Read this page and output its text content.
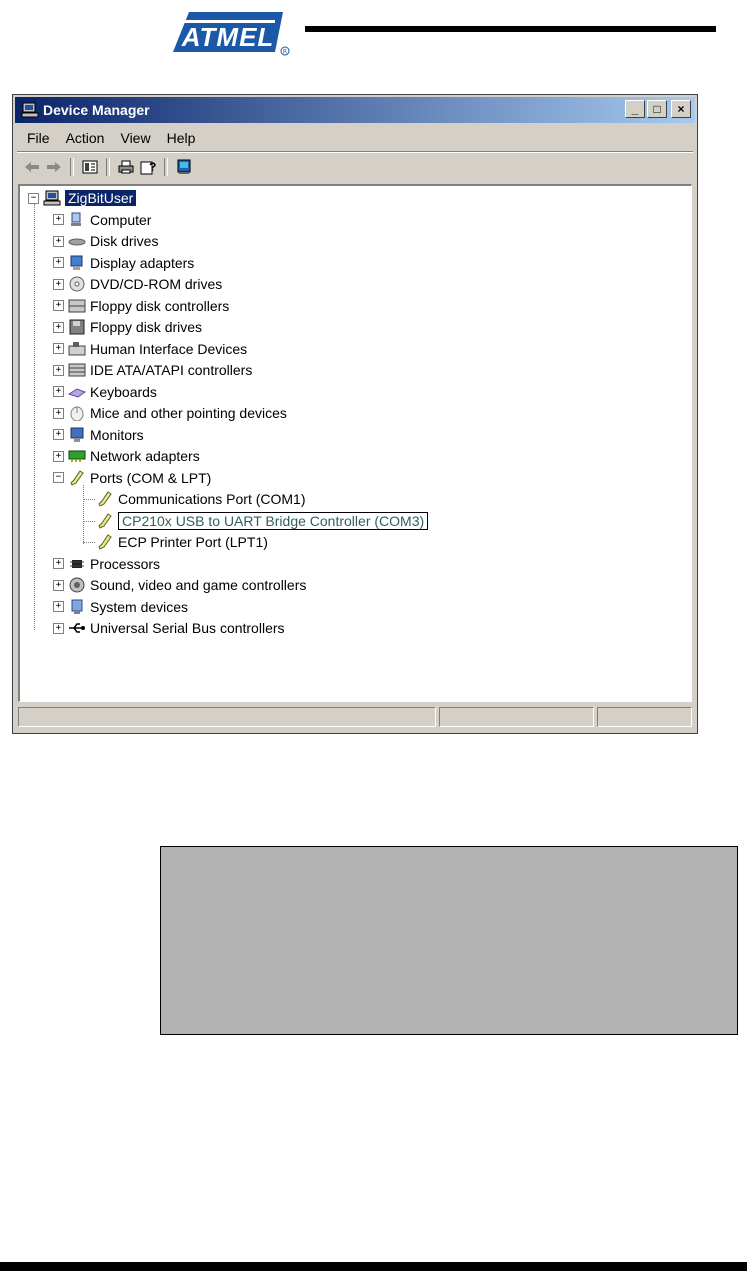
ATMEL R
Device Manager	_ □ ×
File	Action	View	Help
?
− ZigBitUser
+ Computer
+ Disk drives
+ Display adapters
+ DVD/CD-ROM drives
+ Floppy disk controllers
+ Floppy disk drives
+ Human Interface Devices
+ IDE ATA/ATAPI controllers
+ Keyboards
+ Mice and other pointing devices
+ Monitors
+ Network adapters
− Ports (COM & LPT)
Communications Port (COM1)
CP210x USB to UART Bridge Controller (COM3)
ECP Printer Port (LPT1)
+ Processors
+ Sound, video and game controllers
+ System devices
+ Universal Serial Bus controllers
